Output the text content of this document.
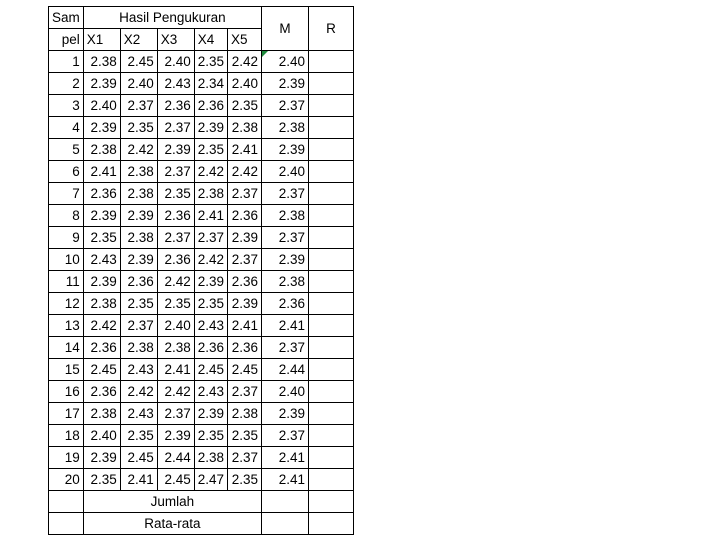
Sam	Hasil Pengukuran					M	R
pel	X1	X2	X3	X4	X5		
1	2.38	2.45	2.40	2.35	2.42	2.40	
2	2.39	2.40	2.43	2.34	2.40	2.39	
3	2.40	2.37	2.36	2.36	2.35	2.37	
4	2.39	2.35	2.37	2.39	2.38	2.38	
5	2.38	2.42	2.39	2.35	2.41	2.39	
6	2.41	2.38	2.37	2.42	2.42	2.40	
7	2.36	2.38	2.35	2.38	2.37	2.37	
8	2.39	2.39	2.36	2.41	2.36	2.38	
9	2.35	2.38	2.37	2.37	2.39	2.37	
10	2.43	2.39	2.36	2.42	2.37	2.39	
11	2.39	2.36	2.42	2.39	2.36	2.38	
12	2.38	2.35	2.35	2.35	2.39	2.36	
13	2.42	2.37	2.40	2.43	2.41	2.41	
14	2.36	2.38	2.38	2.36	2.36	2.37	
15	2.45	2.43	2.41	2.45	2.45	2.44	
16	2.36	2.42	2.42	2.43	2.37	2.40	
17	2.38	2.43	2.37	2.39	2.38	2.39	
18	2.40	2.35	2.39	2.35	2.35	2.37	
19	2.39	2.45	2.44	2.38	2.37	2.41	
20	2.35	2.41	2.45	2.47	2.35	2.41	
	Jumlah						
	Rata-rata						
